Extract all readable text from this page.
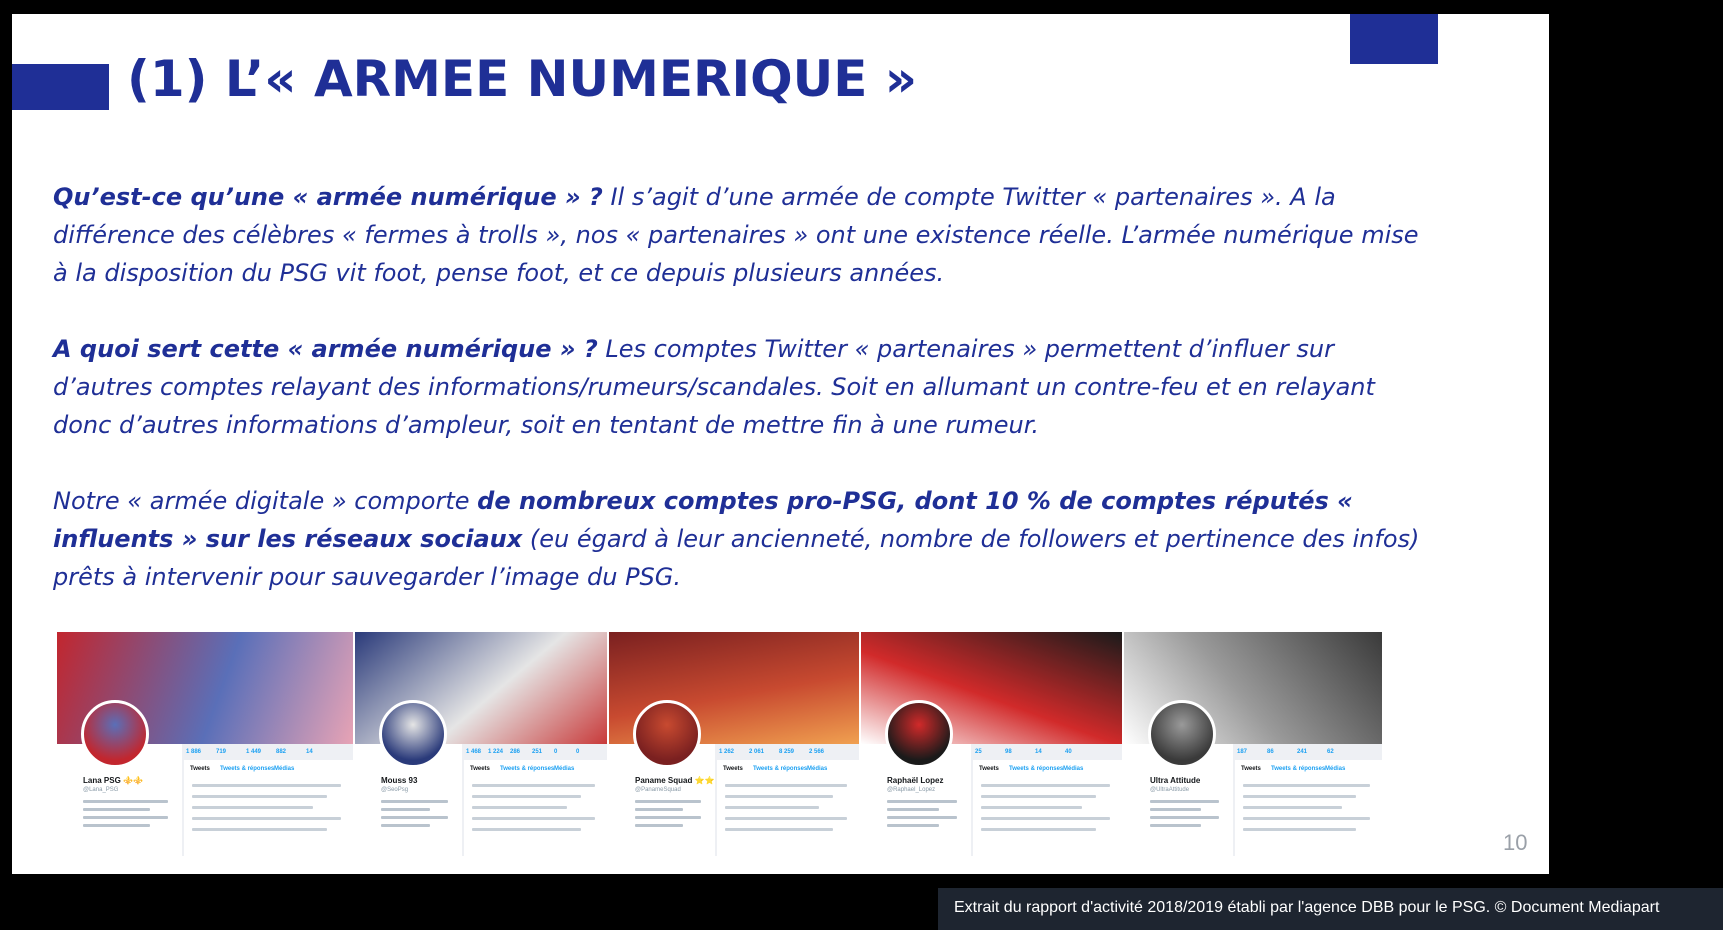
(1) L’« ARMEE NUMERIQUE »

Qu’est-ce qu’une « armée numérique » ? Il s’agit d’une armée de compte Twitter « partenaires ». A la différence des célèbres « fermes à trolls », nos « partenaires » ont une existence réelle. L’armée numérique mise à la disposition du PSG vit foot, pense foot, et ce depuis plusieurs années.

A quoi sert cette « armée numérique » ? Les comptes Twitter « partenaires » permettent d’influer sur d’autres comptes relayant des informations/rumeurs/scandales. Soit en allumant un contre-feu et en relayant donc d’autres informations d’ampleur, soit en tentant de mettre fin à une rumeur.

Notre « armée digitale » comporte de nombreux comptes pro-PSG, dont 10 % de comptes réputés « influents » sur les réseaux sociaux (eu égard à leur ancienneté, nombre de followers et pertinence des infos) prêts à intervenir pour sauvegarder l’image du PSG.

Lana PSG ⚜️⚜️
@Lana_PSG
1 886 719	1 449 882	14
Tweets Tweets & réponses Médias
Mouss 93
@SeoPsg
1 468 1 224 286 251 0	0
Tweets Tweets & réponses Médias
Paname Squad ⭐⭐
@PanameSquad
1 262 2 061 8 259 2 566
Tweets Tweets & réponses Médias
Raphaël Lopez
@Raphael_Lopez
25	98	14	40
Tweets Tweets & réponses Médias
Ultra Attitude
@UltraAttitude
187	86	241	62
Tweets Tweets & réponses Médias
10
Extrait du rapport d'activité 2018/2019 établi par l'agence DBB pour le PSG. © Document Mediapart
